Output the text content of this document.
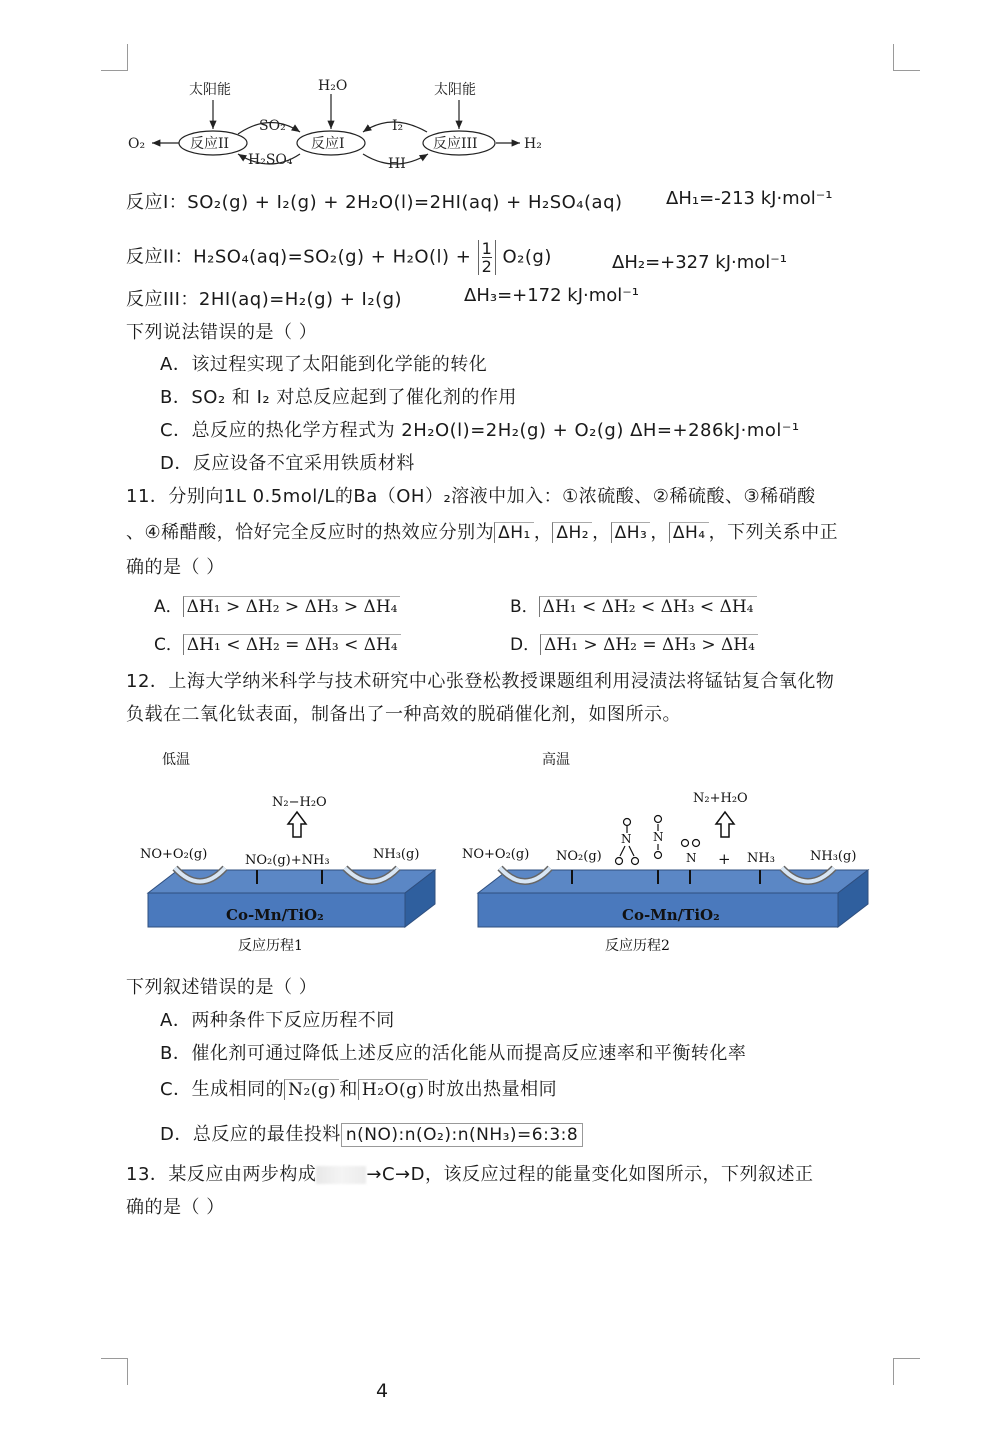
太阳能	H₂O	太阳能
O₂	反应II	反应I	反应III	H₂
SO₂
H₂SO₄
I₂
HI
反应I：SO₂(g) + I₂(g) + 2H₂O(l)=2HI(aq) + H₂SO₄(aq) ΔH₁=-213 kJ·mol⁻¹
反应II：$H_2SO_4(aq)=SO_2(g) + H_2O(l) + \frac{1}{2} O_2(g)$	ΔH₂=+327 kJ·mol⁻¹
反应III：2HI(aq)=H₂(g) + I₂(g)	ΔH₃=+172 kJ·mol⁻¹
下列说法错误的是（ ）
A．该过程实现了太阳能到化学能的转化
B．SO₂ 和 I₂ 对总反应起到了催化剂的作用
C．总反应的热化学方程式为 2H₂O(l)=2H₂(g) + O₂(g) ΔH=+286kJ·mol⁻¹
D．反应设备不宜采用铁质材料
11．分别向1L 0.5mol/L的Ba（OH）₂溶液中加入：①浓硫酸、②稀硫酸、③稀硝酸
、④稀醋酸，恰好完全反应时的热效应分别为 ΔH₁ ， ΔH₂ ， ΔH₃ ， ΔH₄ ，下列关系中正
确的是（ ）
A． ΔH₁ > ΔH₂ > ΔH₃ > ΔH₄	B． ΔH₁ < ΔH₂ < ΔH₃ < ΔH₄
C． ΔH₁ < ΔH₂ = ΔH₃ < ΔH₄	D． ΔH₁ > ΔH₂ = ΔH₃ > ΔH₄
12．上海大学纳米科学与技术研究中心张登松教授课题组利用浸渍法将锰钴复合氧化物
负载在二氧化钛表面，制备出了一种高效的脱硝催化剂，如图所示。
N N
N
低温	高温
N₂−H₂O
NO+O₂(g)	NO₂(g)+NH₃	NH₃(g)
Co-Mn/TiO₂
反应历程1
N₂+H₂O
NO+O₂(g) NO₂(g)	+ NH₃	NH₃(g)
Co-Mn/TiO₂
反应历程2
下列叙述错误的是（ ）
A．两种条件下反应历程不同
B．催化剂可通过降低上述反应的活化能从而提高反应速率和平衡转化率
C．生成相同的 N₂(g) 和 H₂O(g) 时放出热量相同
D．总反应的最佳投料 n(NO):n(O₂):n(NH₃)=6:3:8
13．某反应由两步构成	→C→D，该反应过程的能量变化如图所示，下列叙述正
确的是（ ）
4
